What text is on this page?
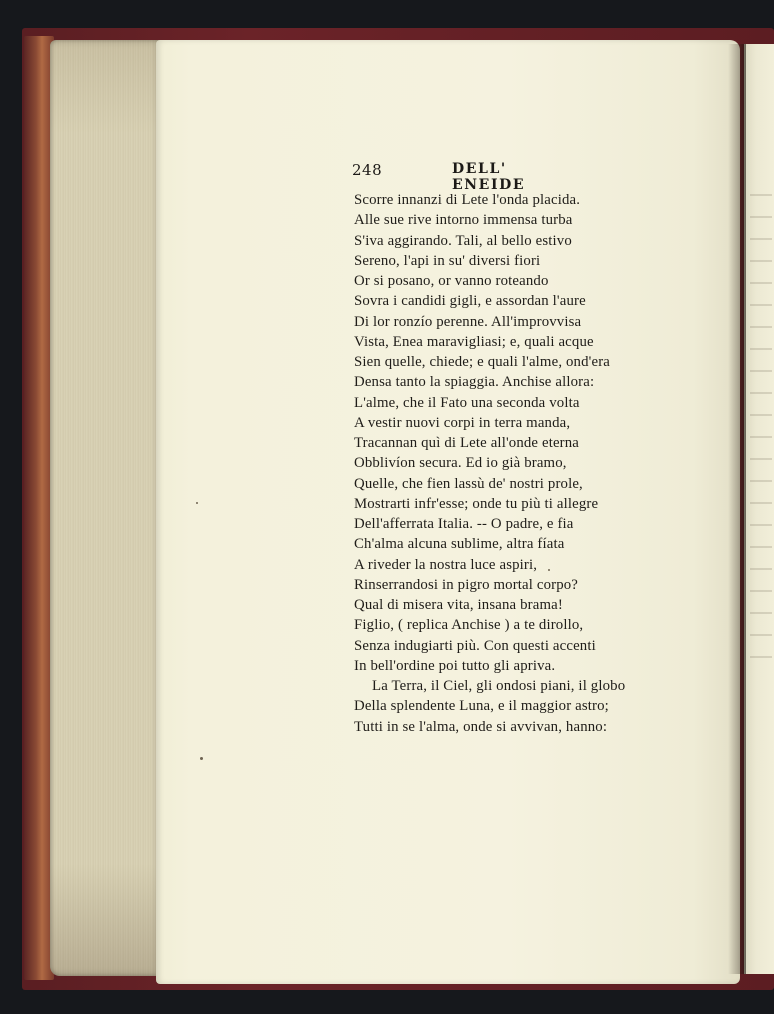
248	DELL' ENEIDE
Scorre innanzi di Lete l'onda placida.
Alle sue rive intorno immensa turba
S'iva aggirando. Tali, al bello estivo
Sereno, l'api in su' diversi fiori
Or si posano, or vanno roteando
Sovra i candidi gigli, e assordan l'aure
Di lor ronzío perenne. All'improvvisa
Vista, Enea maravigliasi; e, quali acque
Sien quelle, chiede; e quali l'alme, ond'era
Densa tanto la spiaggia. Anchise allora:
L'alme, che il Fato una seconda volta
A vestir nuovi corpi in terra manda,
Tracannan quì di Lete all'onde eterna
Obblivíon secura. Ed io già bramo,
Quelle, che fien lassù de' nostri prole,
Mostrarti infr'esse; onde tu più ti allegre
Dell'afferrata Italia. -- O padre, e fia
Ch'alma alcuna sublime, altra fíata
A riveder la nostra luce aspiri,
Rinserrandosi in pigro mortal corpo?
Qual di misera vita, insana brama!
Figlio, ( replica Anchise ) a te dirollo,
Senza indugiarti più. Con questi accenti
In bell'ordine poi tutto gli apriva.
La Terra, il Ciel, gli ondosi piani, il globo
Della splendente Luna, e il maggior astro;
Tutti in se l'alma, onde si avvivan, hanno:
